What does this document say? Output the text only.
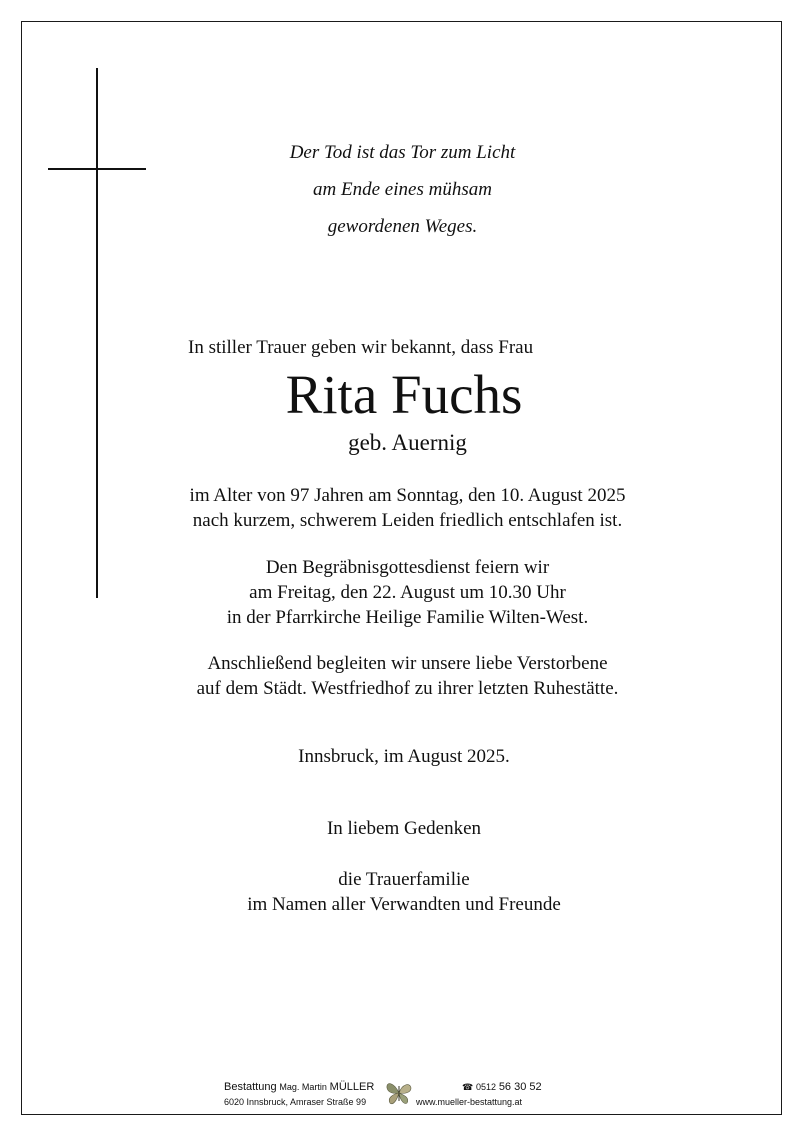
Der Tod ist das Tor zum Licht
am Ende eines mühsam
gewordenen Weges.
In stiller Trauer geben wir bekannt, dass Frau
Rita Fuchs
geb. Auernig
im Alter von 97 Jahren am Sonntag, den 10. August 2025
nach kurzem, schwerem Leiden friedlich entschlafen ist.
Den Begräbnisgottesdienst feiern wir
am Freitag, den 22. August um 10.30 Uhr
in der Pfarrkirche Heilige Familie Wilten-West.
Anschließend begleiten wir unsere liebe Verstorbene
auf dem Städt. Westfriedhof zu ihrer letzten Ruhestätte.
Innsbruck, im August 2025.
In liebem Gedenken
die Trauerfamilie
im Namen aller Verwandten und Freunde
Bestattung Mag. Martin MÜLLER
6020 Innsbruck, Amraser Straße 99
☎ 0512 56 30 52
www.mueller-bestattung.at
